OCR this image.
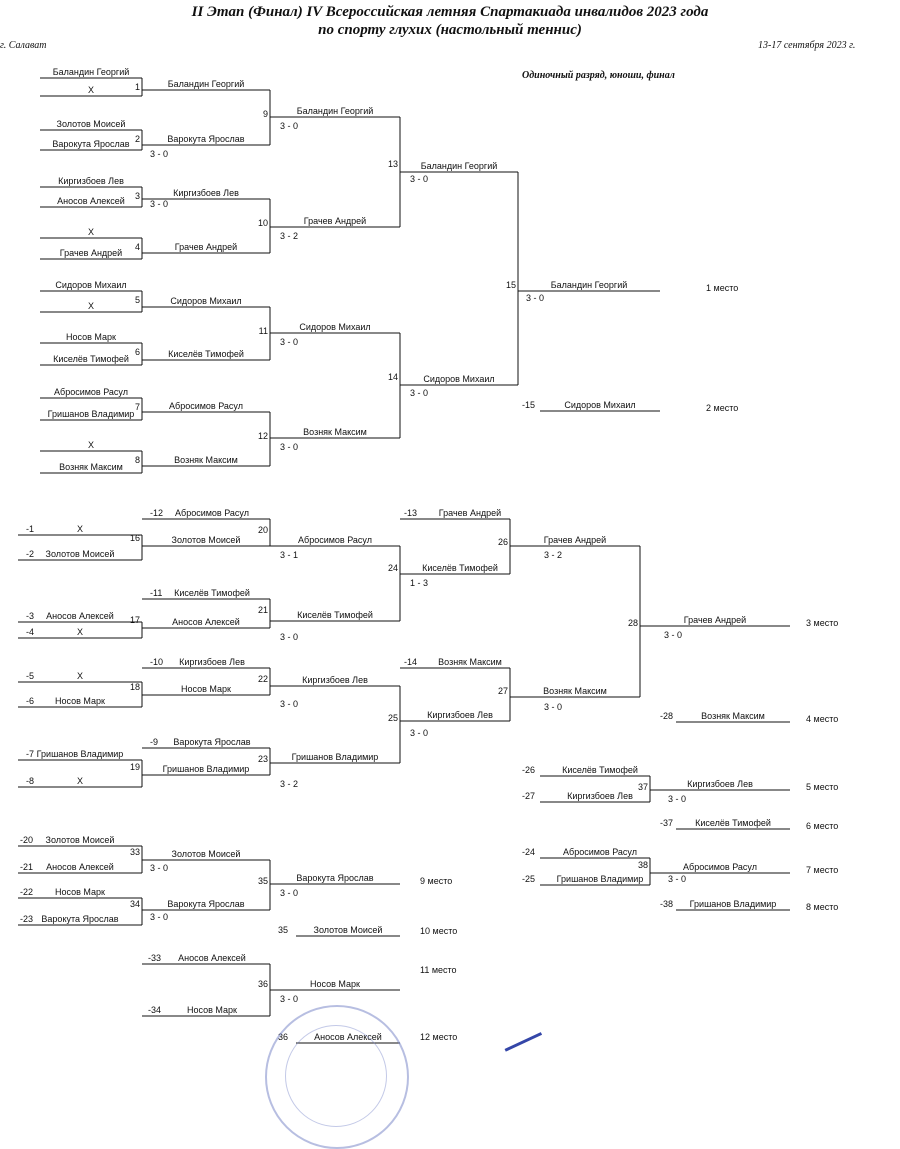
II Этап (Финал) IV Всероссийская летняя Спартакиада инвалидов 2023 года
по спорту глухих (настольный теннис)
г. Салават	13-17 сентября 2023 г.
Одиночный разряд, юноши, финал
Баландин Георгий
Х
Золотов Моисей
Варокута Ярослав
Киргизбоев Лев
Аносов Алексей
Х
Грачев Андрей
Сидоров Михаил
Х
Носов Марк
Киселёв Тимофей
Абросимов Расул
Гришанов Владимир
Х
Возняк Максим
Баландин Георгий
1
Варокута Ярослав
2
Киргизбоев Лев
3
Грачев Андрей
4
Сидоров Михаил
5
Киселёв Тимофей
6
Абросимов Расул
7
Возняк Максим
8
3 - 0
3 - 0
Баландин Георгий
9
3 - 0
Грачев Андрей
10
3 - 2
Сидоров Михаил
11
3 - 0
Возняк Максим
12
3 - 0
Баландин Георгий
13
3 - 0
Сидоров Михаил
14
3 - 0
Баландин Георгий
15
3 - 0
1 место
Сидоров Михаил
-15	2 место
Х
-1
Золотов Моисей
-2
Аносов Алексей
-3
Х
-4
Х
-5
Носов Марк
-6
Гришанов Владимир
-7
Х
-8
Золотов Моисей
16
Аносов Алексей
17
Носов Марк
18
Гришанов Владимир
19
Абросимов Расул
-12
Киселёв Тимофей
-11
Киргизбоев Лев
-10
Варокута Ярослав
-9
20
3 - 1
21
3 - 0
22
3 - 0
23
3 - 2
Абросимов Расул
Киселёв Тимофей
Киргизбоев Лев
Гришанов Владимир
Грачев Андрей
-13
Киселёв Тимофей
24
1 - 3
Возняк Максим
-14
Киргизбоев Лев
25
3 - 0
Грачев Андрей
26
3 - 2
Возняк Максим
27
3 - 0
Грачев Андрей
28
3 - 0
3 место
Возняк Максим
-28	4 место
Киселёв Тимофей
-26
Киргизбоев Лев
-27
Киргизбоев Лев
37
3 - 0
5 место
Киселёв Тимофей
-37	6 место
Абросимов Расул
-24
Гришанов Владимир
-25
Абросимов Расул
38
3 - 0
7 место
Гришанов Владимир
-38	8 место
Золотов Моисей
-20
Аносов Алексей
-21
Носов Марк
-22
Варокута Ярослав
-23
Золотов Моисей
33
3 - 0
Варокута Ярослав
34
3 - 0
Варокута Ярослав
35
3 - 0
9 место
Золотов Моисей
35	10 место
Аносов Алексей
-33
Носов Марк
-34
Носов Марк
36
3 - 0
11 место
Аносов Алексей
36	12 место
